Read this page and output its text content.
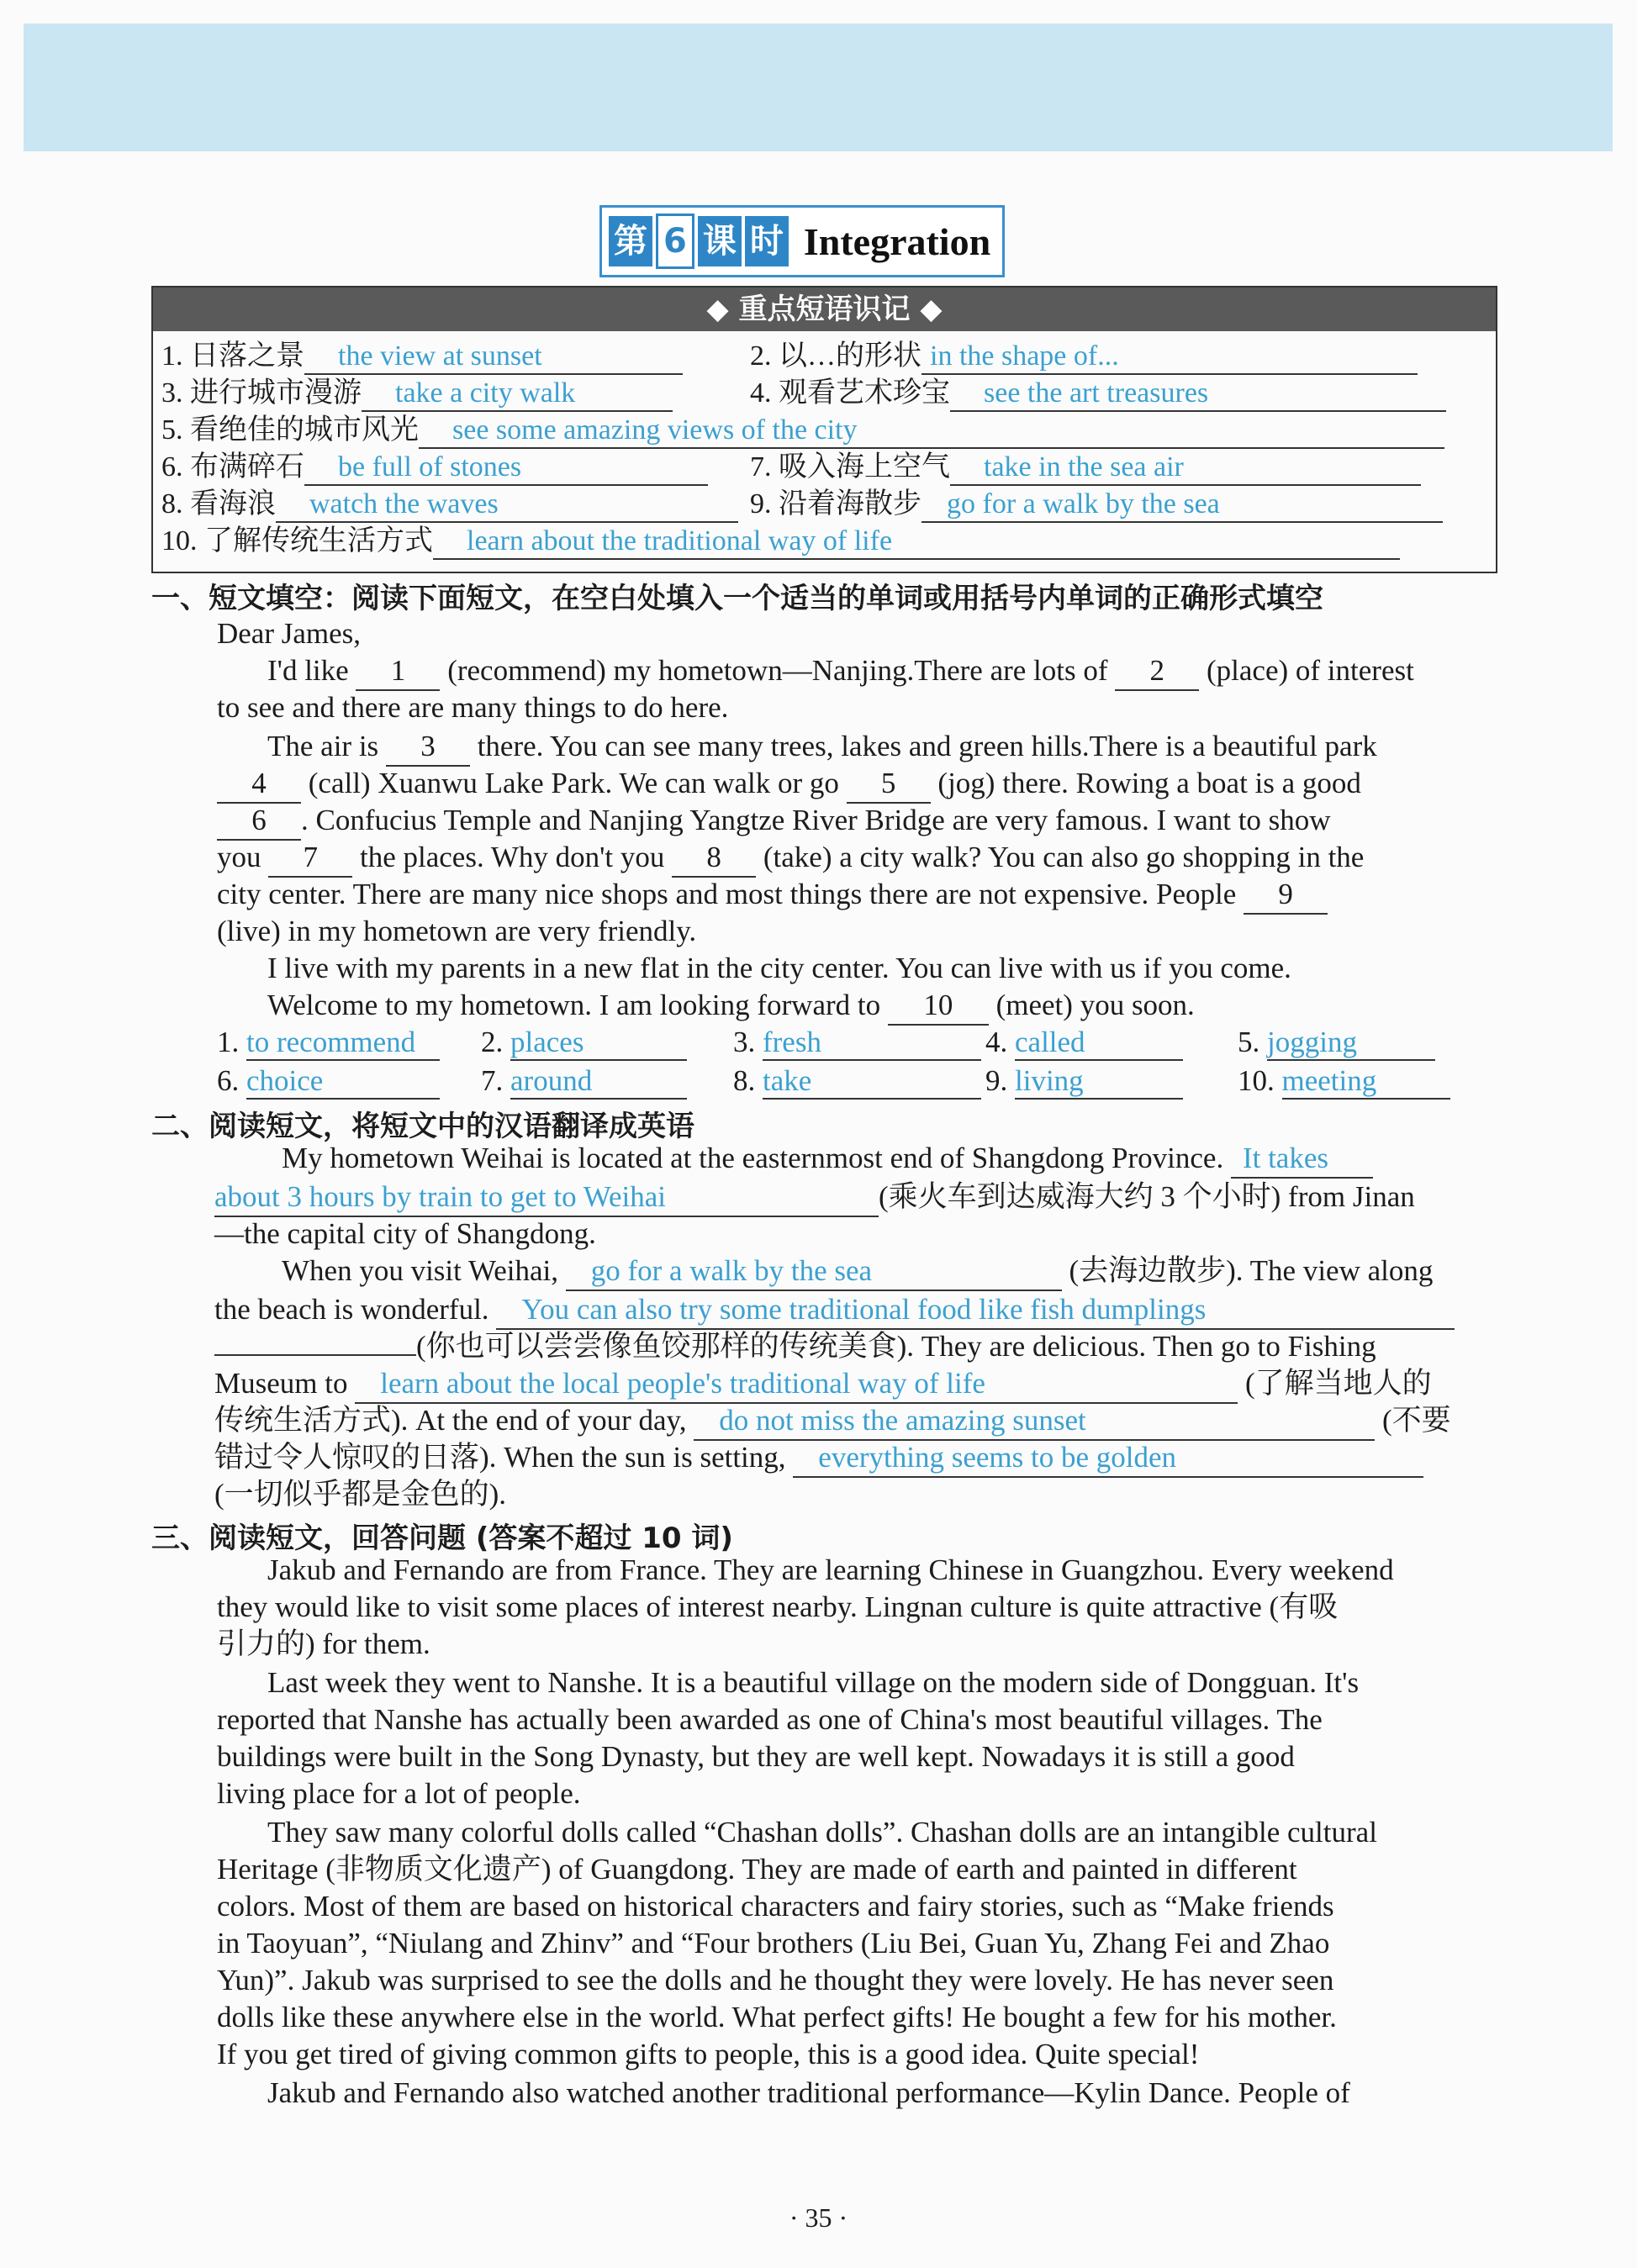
第 6 课 时 Integration
◆ 重点短语识记 ◆
1. 日落之景 the view at sunset	2. 以…的形状 in the shape of...
3. 进行城市漫游 take a city walk	4. 观看艺术珍宝 see the art treasures
5. 看绝佳的城市风光 see some amazing views of the city
6. 布满碎石 be full of stones	7. 吸入海上空气 take in the sea air
8. 看海浪 watch the waves	9. 沿着海散步 go for a walk by the sea
10. 了解传统生活方式 learn about the traditional way of life
一、短文填空：阅读下面短文，在空白处填入一个适当的单词或用括号内单词的正确形式填空
Dear James,
I'd like 1 (recommend) my hometown—Nanjing.There are lots of 2 (place) of interest
to see and there are many things to do here.
The air is 3 there. You can see many trees, lakes and green hills.There is a beautiful park
4 (call) Xuanwu Lake Park. We can walk or go 5 (jog) there. Rowing a boat is a good
6 . Confucius Temple and Nanjing Yangtze River Bridge are very famous. I want to show
you 7 the places. Why don't you 8 (take) a city walk? You can also go shopping in the
city center. There are many nice shops and most things there are not expensive. People 9
(live) in my hometown are very friendly.
I live with my parents in a new flat in the city center. You can live with us if you come.
Welcome to my hometown. I am looking forward to 10 (meet) you soon.
1. to recommend	2. places	3. fresh	4. called	5. jogging
6. choice	7. around	8. take	9. living	10. meeting
二、阅读短文，将短文中的汉语翻译成英语
My hometown Weihai is located at the easternmost end of Shangdong Province. It takes
about 3 hours by train to get to Weihai	(乘火车到达威海大约 3 个小时) from Jinan
—the capital city of Shangdong.
When you visit Weihai, go for a walk by the sea	(去海边散步). The view along
the beach is wonderful. You can also try some traditional food like fish dumplings
(你也可以尝尝像鱼饺那样的传统美食). They are delicious. Then go to Fishing
Museum to learn about the local people's traditional way of life	(了解当地人的
传统生活方式). At the end of your day, do not miss the amazing sunset	(不要
错过令人惊叹的日落). When the sun is setting, everything seems to be golden
(一切似乎都是金色的).
三、阅读短文，回答问题 (答案不超过 10 词)
Jakub and Fernando are from France. They are learning Chinese in Guangzhou. Every weekend
they would like to visit some places of interest nearby. Lingnan culture is quite attractive (有吸
引力的) for them.
Last week they went to Nanshe. It is a beautiful village on the modern side of Dongguan. It's
reported that Nanshe has actually been awarded as one of China's most beautiful villages. The
buildings were built in the Song Dynasty, but they are well kept. Nowadays it is still a good
living place for a lot of people.
They saw many colorful dolls called “Chashan dolls”. Chashan dolls are an intangible cultural
Heritage (非物质文化遗产) of Guangdong. They are made of earth and painted in different
colors. Most of them are based on historical characters and fairy stories, such as “Make friends
in Taoyuan”, “Niulang and Zhinv” and “Four brothers (Liu Bei, Guan Yu, Zhang Fei and Zhao
Yun)”. Jakub was surprised to see the dolls and he thought they were lovely. He has never seen
dolls like these anywhere else in the world. What perfect gifts! He bought a few for his mother.
If you get tired of giving common gifts to people, this is a good idea. Quite special!
Jakub and Fernando also watched another traditional performance—Kylin Dance. People of
· 35 ·
